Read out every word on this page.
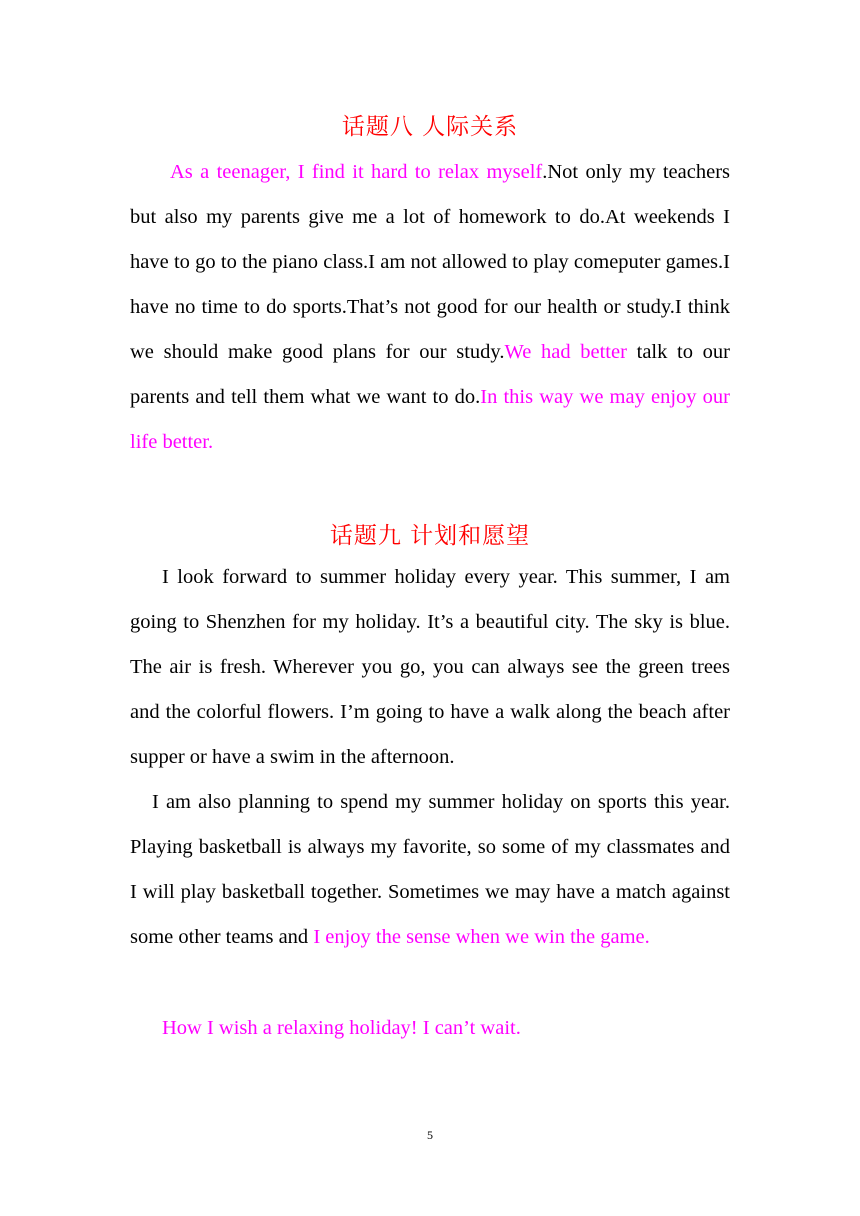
话题八 人际关系
As a teenager, I find it hard to relax myself.Not only my teachers but also my parents give me a lot of homework to do.At weekends I have to go to the piano class.I am not allowed to play comeputer games.I have no time to do sports.That’s not good for our health or study.I think we should make good plans for our study.We had better talk to our parents and tell them what we want to do.In this way we may enjoy our life better.
话题九 计划和愿望
I look forward to summer holiday every year. This summer, I am going to Shenzhen for my holiday. It’s a beautiful city. The sky is blue. The air is fresh. Wherever you go, you can always see the green trees and the colorful flowers. I’m going to have a walk along the beach after supper or have a swim in the afternoon.
I am also planning to spend my summer holiday on sports this year. Playing basketball is always my favorite, so some of my classmates and I will play basketball together. Sometimes we may have a match against some other teams and I enjoy the sense when we win the game.
How I wish a relaxing holiday! I can’t wait.
5
